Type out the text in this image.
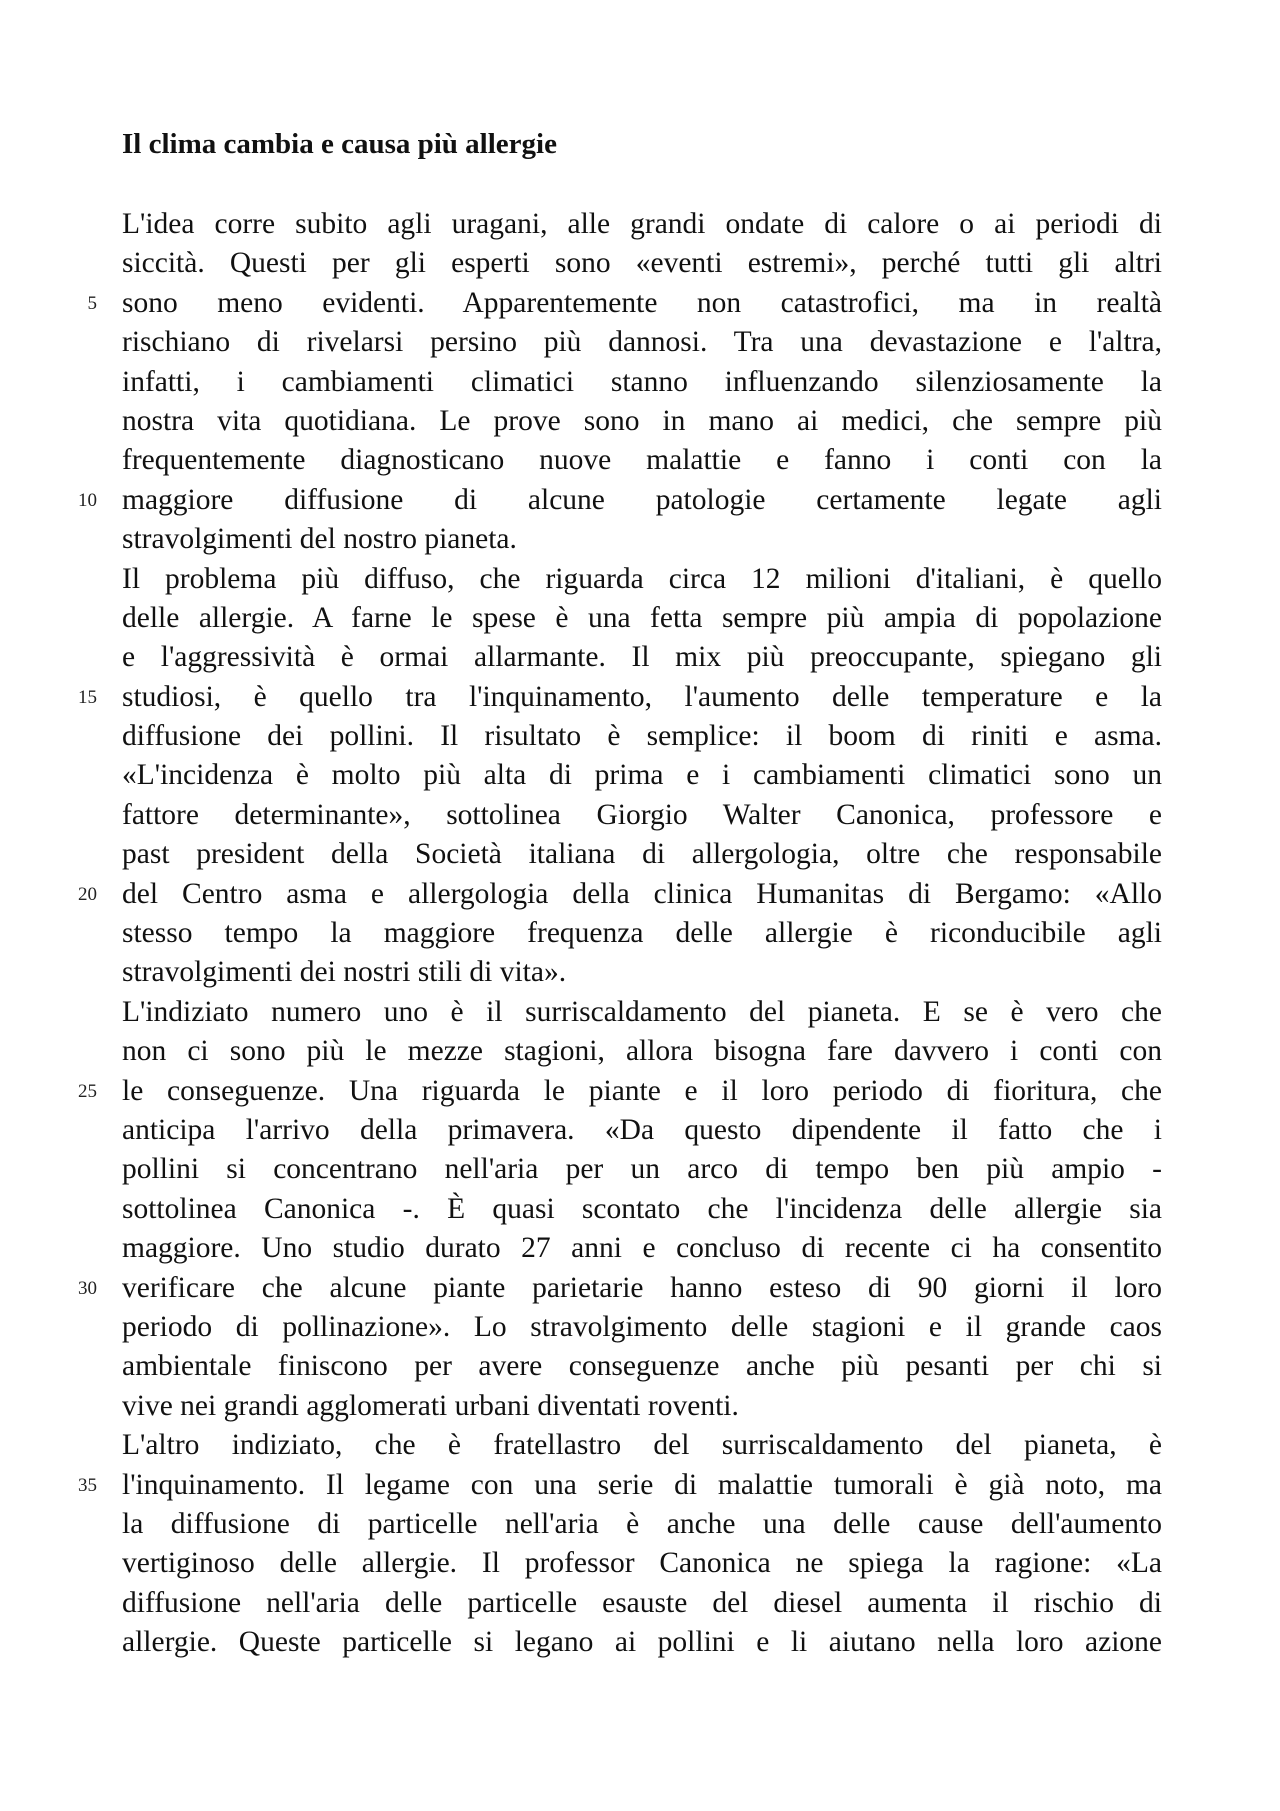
Il clima cambia e causa più allergie
L'idea corre subito agli uragani, alle grandi ondate di calore o ai periodi di
siccità. Questi per gli esperti sono «eventi estremi», perché tutti gli altri
5 sono meno evidenti. Apparentemente non catastrofici, ma in realtà
rischiano di rivelarsi persino più dannosi. Tra una devastazione e l'altra,
infatti, i cambiamenti climatici stanno influenzando silenziosamente la
nostra vita quotidiana. Le prove sono in mano ai medici, che sempre più
frequentemente diagnosticano nuove malattie e fanno i conti con la
10 maggiore diffusione di alcune patologie certamente legate agli
stravolgimenti del nostro pianeta.
Il problema più diffuso, che riguarda circa 12 milioni d'italiani, è quello
delle allergie. A farne le spese è una fetta sempre più ampia di popolazione
e l'aggressività è ormai allarmante. Il mix più preoccupante, spiegano gli
15 studiosi, è quello tra l'inquinamento, l'aumento delle temperature e la
diffusione dei pollini. Il risultato è semplice: il boom di riniti e asma.
«L'incidenza è molto più alta di prima e i cambiamenti climatici sono un
fattore determinante», sottolinea Giorgio Walter Canonica, professore e
past president della Società italiana di allergologia, oltre che responsabile
20 del Centro asma e allergologia della clinica Humanitas di Bergamo: «Allo
stesso tempo la maggiore frequenza delle allergie è riconducibile agli
stravolgimenti dei nostri stili di vita».
L'indiziato numero uno è il surriscaldamento del pianeta. E se è vero che
non ci sono più le mezze stagioni, allora bisogna fare davvero i conti con
25 le conseguenze. Una riguarda le piante e il loro periodo di fioritura, che
anticipa l'arrivo della primavera. «Da questo dipendente il fatto che i
pollini si concentrano nell'aria per un arco di tempo ben più ampio -
sottolinea Canonica -. È quasi scontato che l'incidenza delle allergie sia
maggiore. Uno studio durato 27 anni e concluso di recente ci ha consentito
30 verificare che alcune piante parietarie hanno esteso di 90 giorni il loro
periodo di pollinazione». Lo stravolgimento delle stagioni e il grande caos
ambientale finiscono per avere conseguenze anche più pesanti per chi si
vive nei grandi agglomerati urbani diventati roventi.
L'altro indiziato, che è fratellastro del surriscaldamento del pianeta, è
35 l'inquinamento. Il legame con una serie di malattie tumorali è già noto, ma
la diffusione di particelle nell'aria è anche una delle cause dell'aumento
vertiginoso delle allergie. Il professor Canonica ne spiega la ragione: «La
diffusione nell'aria delle particelle esauste del diesel aumenta il rischio di
allergie. Queste particelle si legano ai pollini e li aiutano nella loro azione
